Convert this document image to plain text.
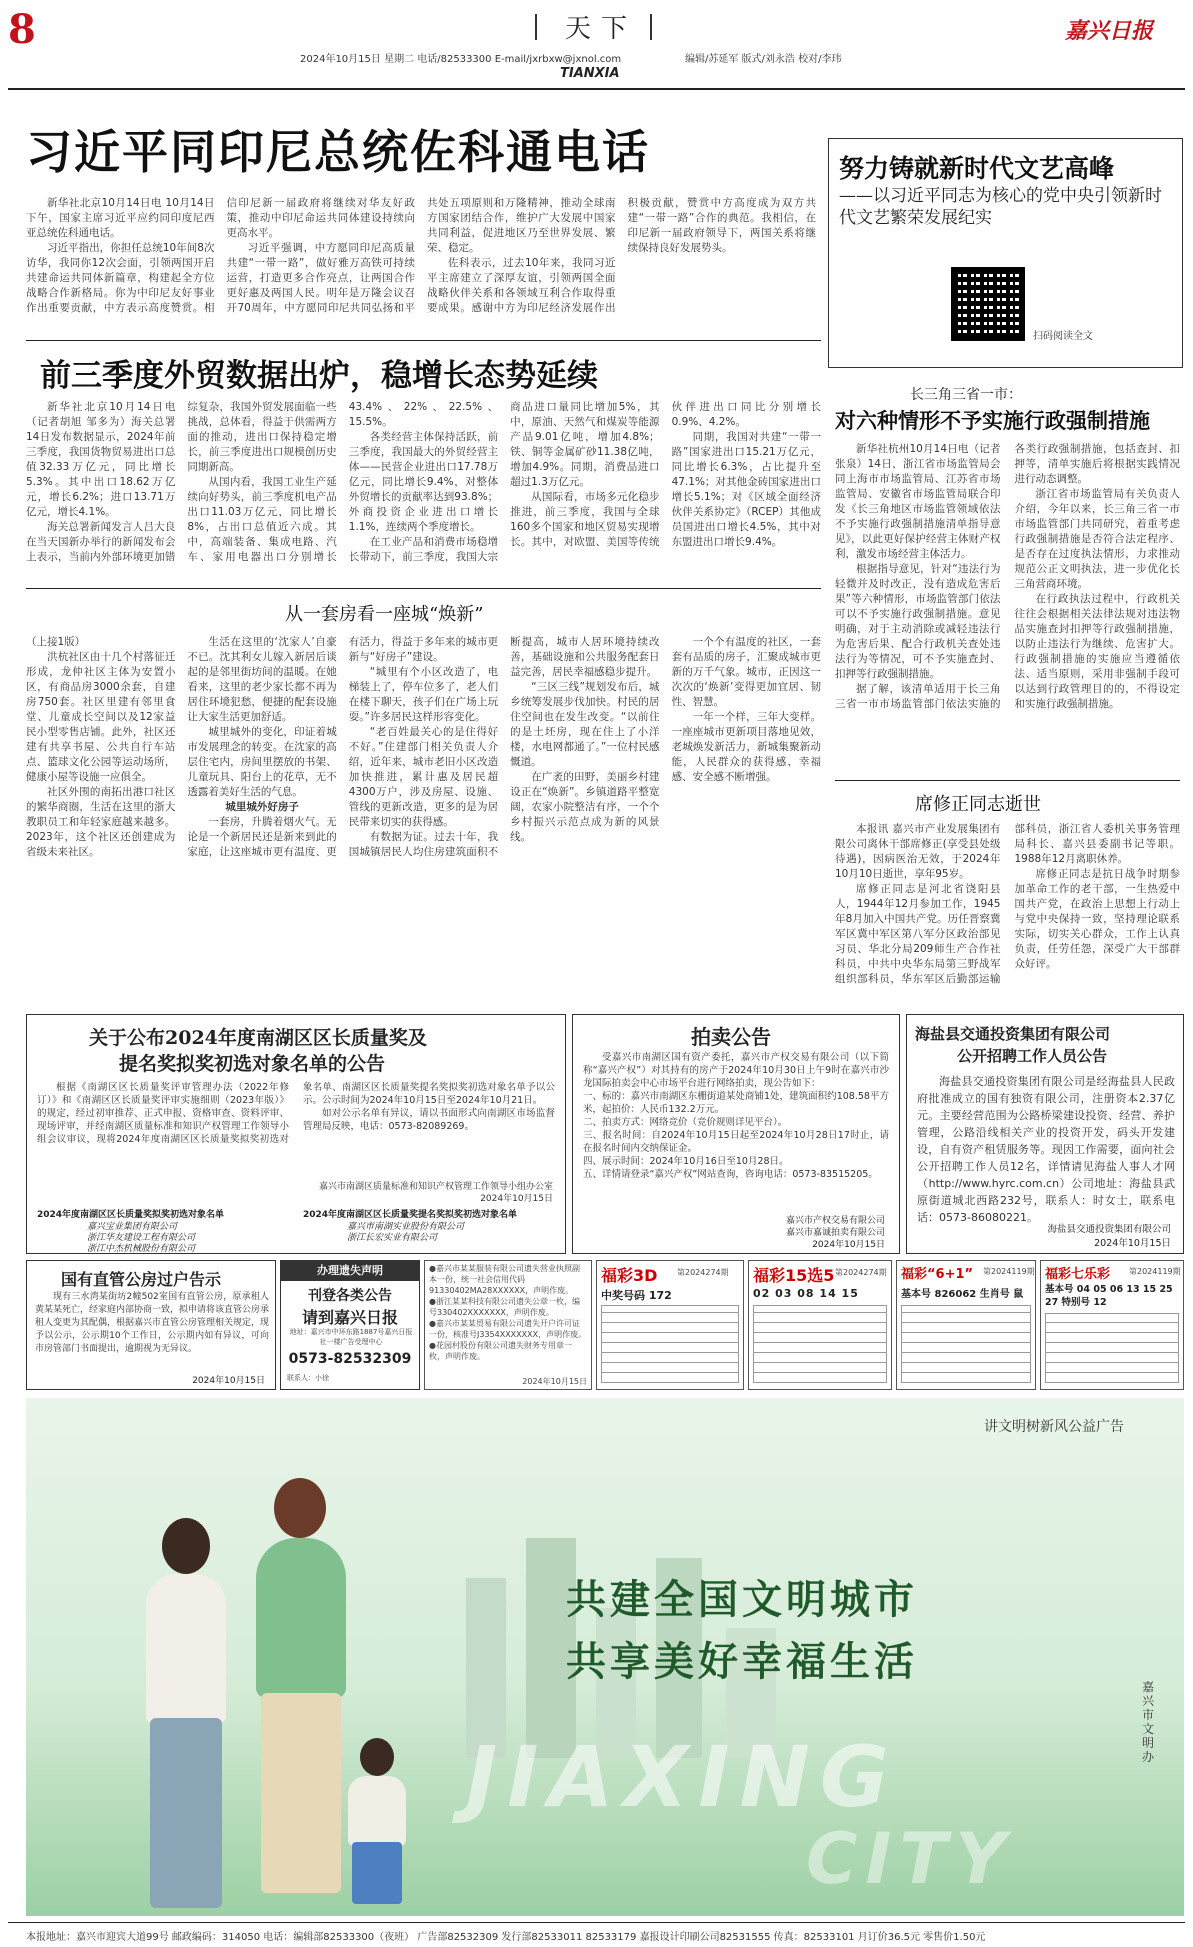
8	天下
2024年10月15日 星期二 电话/82533300 E-mail/jxrbxw@jxnol.com	编辑/苏延军 版式/刘永浩 校对/李玮
TIANXIA
嘉兴日报
习近平同印尼总统佐科通电话

新华社北京10月14日电 10月14日下午，国家主席习近平应约同印度尼西亚总统佐科通电话。

习近平指出，你担任总统10年间8次访华，我同你12次会面，引领两国开启共建命运共同体新篇章，构建起全方位战略合作新格局。你为中印尼友好事业作出重要贡献，中方表示高度赞赏。相信印尼新一届政府将继续对华友好政策，推动中印尼命运共同体建设持续向更高水平。

习近平强调，中方愿同印尼高质量共建“一带一路”，做好雅万高铁可持续运营，打造更多合作亮点，让两国合作更好惠及两国人民。明年是万隆会议召开70周年，中方愿同印尼共同弘扬和平共处五项原则和万隆精神，推动全球南方国家团结合作，维护广大发展中国家共同利益，促进地区乃至世界发展、繁荣、稳定。

佐科表示，过去10年来，我同习近平主席建立了深厚友谊，引领两国全面战略伙伴关系和各领域互利合作取得重要成果。感谢中方为印尼经济发展作出积极贡献，赞赏中方高度成为双方共建“一带一路”合作的典范。我相信，在印尼新一届政府领导下，两国关系将继续保持良好发展势头。

努力铸就新时代文艺高峰
——以习近平同志为核心的党中央引领新时代文艺繁荣发展纪实
扫码阅读全文
前三季度外贸数据出炉，稳增长态势延续

新华社北京10月14日电（记者胡旭 邹多为）海关总署14日发布数据显示，2024年前三季度，我国货物贸易进出口总值32.33万亿元，同比增长5.3%。其中出口18.62万亿元，增长6.2%；进口13.71万亿元，增长4.1%。

海关总署新闻发言人吕大良在当天国新办举行的新闻发布会上表示，当前内外部环境更加错综复杂，我国外贸发展面临一些挑战，总体看，得益于供需两方面的推动，进出口保持稳定增长，前三季度进出口规模创历史同期新高。

从国内看，我国工业生产延续向好势头，前三季度机电产品出口11.03万亿元，同比增长8%，占出口总值近六成。其中，高端装备、集成电路、汽车、家用电器出口分别增长43.4%、22%、22.5%、15.5%。

各类经营主体保持活跃，前三季度，我国最大的外贸经营主体——民营企业进出口17.78万亿元，同比增长9.4%，对整体外贸增长的贡献率达到93.8%；外商投资企业进出口增长1.1%，连续两个季度增长。

在工业产品和消费市场稳增长带动下，前三季度，我国大宗商品进口量同比增加5%，其中，原油、天然气和煤炭等能源产品9.01亿吨，增加4.8%；铁、铜等金属矿砂11.38亿吨，增加4.9%。同期，消费品进口超过1.3万亿元。

从国际看，市场多元化稳步推进，前三季度，我国与全球160多个国家和地区贸易实现增长。其中，对欧盟、美国等传统伙伴进出口同比分别增长0.9%、4.2%。

同期，我国对共建“一带一路”国家进出口15.21万亿元，同比增长6.3%，占比提升至47.1%；对其他金砖国家进出口增长5.1%；对《区域全面经济伙伴关系协定》（RCEP）其他成员国进出口增长4.5%，其中对东盟进出口增长9.4%。

从一套房看一座城“焕新”

（上接1版）

洪杭社区由十几个村落征迁形成，龙仲社区主体为安置小区，有商品房3000余套，自建房750套。社区里建有邻里食堂、儿童成长空间以及12家益民小型零售店铺。此外，社区还建有共享书屋、公共自行车站点、篮球文化公园等运动场所，健康小屋等设施一应俱全。

社区外围的南拓出港口社区的繁华商圈，生活在这里的浙大教职员工和年轻家庭越来越多。2023年，这个社区还创建成为省级未来社区。

生活在这里的‘沈家人’自豪不已。沈其利女儿嫁入新居后谈起的是邻里街坊间的温暖。在她看来，这里的老少家长都不再为居住环境犯愁，便捷的配套设施让大家生活更加舒适。

城里城外的变化，印证着城市发展理念的转变。在沈家的高层住宅内，房间里摆放的书架、儿童玩具、阳台上的花草，无不透露着美好生活的气息。

城里城外好房子

一套房，升腾着烟火气。无论是一个新居民还是新来到此的家庭，让这座城市更有温度、更有活力，得益于多年来的城市更新与“好房子”建设。

“城里有个小区改造了，电梯装上了，停车位多了，老人们在楼下聊天，孩子们在广场上玩耍。”许多居民这样形容变化。

“老百姓最关心的是住得好不好。”住建部门相关负责人介绍，近年来，城市老旧小区改造加快推进，累计惠及居民超4300万户，涉及房屋、设施、管线的更新改造，更多的是为居民带来切实的获得感。

有数据为证。过去十年，我国城镇居民人均住房建筑面积不断提高，城市人居环境持续改善，基础设施和公共服务配套日益完善，居民幸福感稳步提升。

“三区三线”规划发布后，城乡统筹发展步伐加快。村民的居住空间也在发生改变。“以前住的是土坯房，现在住上了小洋楼，水电网都通了。”一位村民感慨道。

在广袤的田野，美丽乡村建设正在“焕新”。乡镇道路平整宽阔，农家小院整洁有序，一个个乡村振兴示范点成为新的风景线。

一个个有温度的社区，一套套有品质的房子，汇聚成城市更新的万千气象。城市，正因这一次次的‘焕新’变得更加宜居、韧性、智慧。

一年一个样，三年大变样。一座座城市更新项目落地见效，老城焕发新活力，新城集聚新动能，人民群众的获得感、幸福感、安全感不断增强。

长三角三省一市：
对六种情形不予实施行政强制措施

新华社杭州10月14日电（记者张泉）14日，浙江省市场监管局会同上海市市场监管局、江苏省市场监管局、安徽省市场监管局联合印发《长三角地区市场监管领域依法不予实施行政强制措施清单指导意见》，以此更好保护经营主体财产权利，激发市场经营主体活力。

根据指导意见，针对“违法行为轻微并及时改正，没有造成危害后果”等六种情形，市场监管部门依法可以不予实施行政强制措施。意见明确，对于主动消除或减轻违法行为危害后果、配合行政机关查处违法行为等情况，可不予实施查封、扣押等行政强制措施。

据了解，该清单适用于长三角三省一市市场监管部门依法实施的各类行政强制措施，包括查封、扣押等，清单实施后将根据实践情况进行动态调整。

浙江省市场监管局有关负责人介绍，今年以来，长三角三省一市市场监管部门共同研究，着重考虑行政强制措施是否符合法定程序、是否存在过度执法情形，力求推动规范公正文明执法，进一步优化长三角营商环境。

在行政执法过程中，行政机关往往会根据相关法律法规对违法物品实施查封扣押等行政强制措施，以防止违法行为继续、危害扩大。行政强制措施的实施应当遵循依法、适当原则，采用非强制手段可以达到行政管理目的的，不得设定和实施行政强制措施。

席修正同志逝世

本报讯 嘉兴市产业发展集团有限公司离休干部席修正(享受县处级待遇)，因病医治无效，于2024年10月10日逝世，享年95岁。

席修正同志是河北省饶阳县人，1944年12月参加工作，1945年8月加入中国共产党。历任晋察冀军区冀中军区第八军分区政治部见习员、华北分局209师生产合作社科员，中共中央华东局第三野战军组织部科员，华东军区后勤部运输部科员，浙江省人委机关事务管理局科长、嘉兴县委副书记等职。1988年12月离职休养。

席修正同志是抗日战争时期参加革命工作的老干部，一生热爱中国共产党，在政治上思想上行动上与党中央保持一致，坚持理论联系实际，切实关心群众，工作上认真负责，任劳任怨，深受广大干部群众好评。

关于公布2024年度南湖区区长质量奖及
提名奖拟奖初选对象名单的公告

根据《南湖区区长质量奖评审管理办法（2022年修订）》和《南湖区区长质量奖评审实施细则（2023年版）》的规定，经过初审推荐、正式申报、资格审查、资料评审、现场评审，并经南湖区质量标准和知识产权管理工作领导小组会议审议，现将2024年度南湖区区长质量奖拟奖初选对象名单、南湖区区长质量奖提名奖拟奖初选对象名单予以公示。公示时间为2024年10月15日至2024年10月21日。

如对公示名单有异议，请以书面形式向南湖区市场监督管理局反映，电话：0573-82089269。

嘉兴市南湖区质量标准和知识产权管理工作领导小组办公室
2024年10月15日
2024年度南湖区区长质量奖拟奖初选对象名单
嘉兴宝业集团有限公司
浙江华友建设工程有限公司
浙江中杰机械股份有限公司
2024年度南湖区区长质量奖提名奖拟奖初选对象名单
嘉兴市南湖实业股份有限公司
浙江长宏实业有限公司
拍卖公告

受嘉兴市南湖区国有资产委托，嘉兴市产权交易有限公司（以下简称“嘉兴产权”）对其持有的房产于2024年10月30日上午9时在嘉兴市沙龙国际拍卖会中心市场平台进行网络拍卖，现公告如下：

一、标的：嘉兴市南湖区东栅街道某处商铺1处，建筑面积约108.58平方米，起拍价：人民币132.2万元。

二、拍卖方式：网络竞价（竞价规则详见平台）。

三、报名时间：自2024年10月15日起至2024年10月28日17时止，请在报名时间内交纳保证金。

四、展示时间：2024年10月16日至10月28日。

五、详情请登录“嘉兴产权”网站查询，咨询电话：0573-83515205。

嘉兴市产权交易有限公司
嘉兴市嘉诚拍卖有限公司
2024年10月15日
海盐县交通投资集团有限公司
公开招聘工作人员公告
海盐县交通投资集团有限公司是经海盐县人民政府批准成立的国有独资有限公司，注册资本2.37亿元。主要经营范围为公路桥梁建设投资、经营、养护管理，公路沿线相关产业的投资开发，码头开发建设，自有资产租赁服务等。现因工作需要，面向社会公开招聘工作人员12名，详情请见海盐人事人才网（http://www.hyrc.com.cn）公司地址：海盐县武原街道城北西路232号，联系人：时女士，联系电话：0573-86080221。
海盐县交通投资集团有限公司
2024年10月15日
国有直管公房过户告示
现有三水湾某街坊2幢502室国有直管公房，原承租人黄某某死亡，经家庭内部协商一致，拟申请将该直管公房承租人变更为其配偶，根据嘉兴市直管公房管理相关规定，现予以公示，公示期10个工作日，公示期内如有异议，可向市房管部门书面提出，逾期视为无异议。
2024年10月15日
办理遗失声明
刊登各类公告
请到嘉兴日报
地址：嘉兴市中环东路1887号嘉兴日报社一楼广告受理中心
0573-82532309
联系人：小徐
●嘉兴市某某服装有限公司遗失营业执照副本一份，统一社会信用代码91330402MA28XXXXXX，声明作废。
●浙江某某科技有限公司遗失公章一枚，编号330402XXXXXXX，声明作废。
●嘉兴市某某贸易有限公司遗失开户许可证一份，核准号J3354XXXXXXX，声明作废。
●花园村股份有限公司遗失财务专用章一枚，声明作废。
2024年10月15日
福彩3D 第2024274期
中奖号码 172
福彩15选5 第2024274期
02 03 08 14 15
福彩“6+1” 第2024119期
基本号 826062 生肖号 鼠
福彩七乐彩 第2024119期
基本号 04 05 06 13 15 25 27 特别号 12
讲文明树新风公益广告
共建全国文明城市
共享美好幸福生活
JIAXING
CITY
嘉兴市文明办
本报地址：嘉兴市迎宾大道99号 邮政编码：314050 电话：编辑部82533300（夜班） 广告部82532309 发行部82533011 82533179 嘉报设计印刷公司82531555 传真：82533101 月订价36.5元 零售价1.50元
